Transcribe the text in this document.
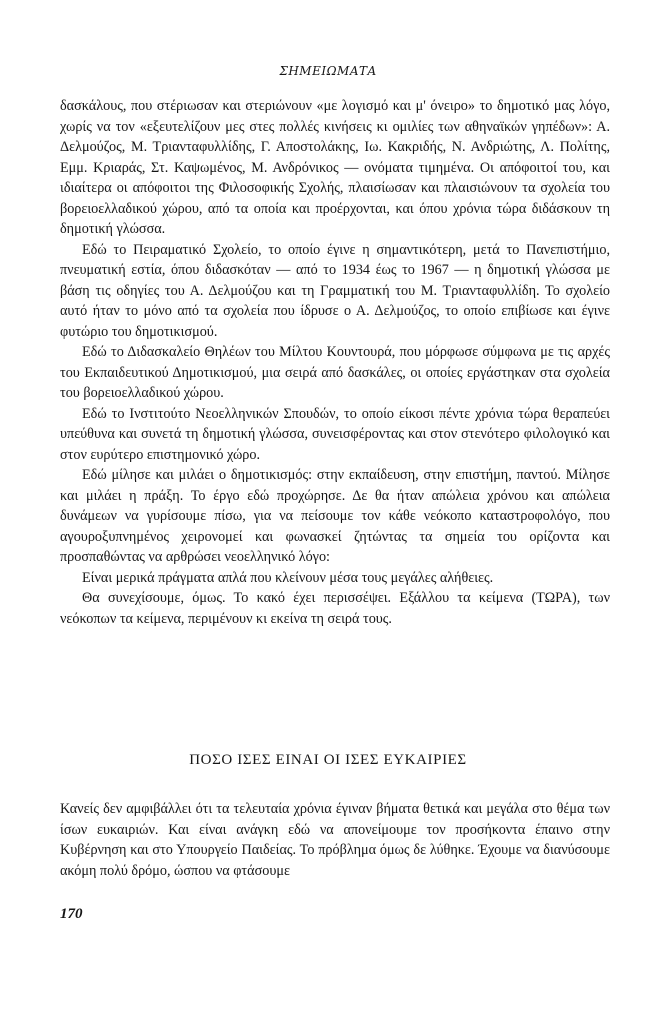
ΣΗΜΕΙΩΜΑΤΑ

δασκάλους, που στέριωσαν και στεριώνουν «με λογισμό και μ' όνειρο» το δημοτικό μας λόγο, χωρίς να τον «εξευτελίζουν μες στες πολλές κινήσεις κι ομιλίες των αθηναϊκών γηπέδων»: Α. Δελμούζος, Μ. Τριανταφυλλίδης, Γ. Αποστολάκης, Ιω. Κακριδής, Ν. Ανδριώτης, Λ. Πολίτης, Εμμ. Κριαράς, Στ. Καψωμένος, Μ. Ανδρόνικος — ονόματα τιμημένα. Οι απόφοιτοί του, και ιδιαίτερα οι απόφοιτοι της Φιλοσοφικής Σχολής, πλαισίωσαν και πλαισιώνουν τα σχολεία του βορειοελλαδικού χώρου, από τα οποία και προέρχονται, και όπου χρόνια τώρα διδάσκουν τη δημοτική γλώσσα.

Εδώ το Πειραματικό Σχολείο, το οποίο έγινε η σημαντικότερη, μετά το Πανεπιστήμιο, πνευματική εστία, όπου διδασκόταν — από το 1934 έως το 1967 — η δημοτική γλώσσα με βάση τις οδηγίες του Α. Δελμούζου και τη Γραμματική του Μ. Τριανταφυλλίδη. Το σχολείο αυτό ήταν το μόνο από τα σχολεία που ίδρυσε ο Α. Δελμούζος, το οποίο επιβίωσε και έγινε φυτώριο του δημοτικισμού.

Εδώ το Διδασκαλείο Θηλέων του Μίλτου Κουντουρά, που μόρφωσε σύμφωνα με τις αρχές του Εκπαιδευτικού Δημοτικισμού, μια σειρά από δασκάλες, οι οποίες εργάστηκαν στα σχολεία του βορειοελλαδικού χώρου.

Εδώ το Ινστιτούτο Νεοελληνικών Σπουδών, το οποίο είκοσι πέντε χρόνια τώρα θεραπεύει υπεύθυνα και συνετά τη δημοτική γλώσσα, συνεισφέροντας και στον στενότερο φιλολογικό και στον ευρύτερο επιστημονικό χώρο.

Εδώ μίλησε και μιλάει ο δημοτικισμός: στην εκπαίδευση, στην επιστήμη, παντού. Μίλησε και μιλάει η πράξη. Το έργο εδώ προχώρησε. Δε θα ήταν απώλεια χρόνου και απώλεια δυνάμεων να γυρίσουμε πίσω, για να πείσουμε τον κάθε νεόκοπο καταστροφολόγο, που αγουροξυπνημένος χειρονομεί και φωνασκεί ζητώντας τα σημεία του ορίζοντα και προσπαθώντας να αρθρώσει νεοελληνικό λόγο:

Είναι μερικά πράγματα απλά που κλείνουν μέσα τους μεγάλες αλήθειες.

Θα συνεχίσουμε, όμως. Το κακό έχει περισσέψει. Εξάλλου τα κείμενα (ΤΩΡΑ), των νεόκοπων τα κείμενα, περιμένουν κι εκείνα τη σειρά τους.

ΠΟΣΟ ΙΣΕΣ ΕΙΝΑΙ ΟΙ ΙΣΕΣ ΕΥΚΑΙΡΙΕΣ

Κανείς δεν αμφιβάλλει ότι τα τελευταία χρόνια έγιναν βήματα θετικά και μεγάλα στο θέμα των ίσων ευκαιριών. Και είναι ανάγκη εδώ να απονείμουμε τον προσήκοντα έπαινο στην Κυβέρνηση και στο Υπουργείο Παιδείας. Το πρόβλημα όμως δε λύθηκε. Έχουμε να διανύσουμε ακόμη πολύ δρόμο, ώσπου να φτάσουμε

170
